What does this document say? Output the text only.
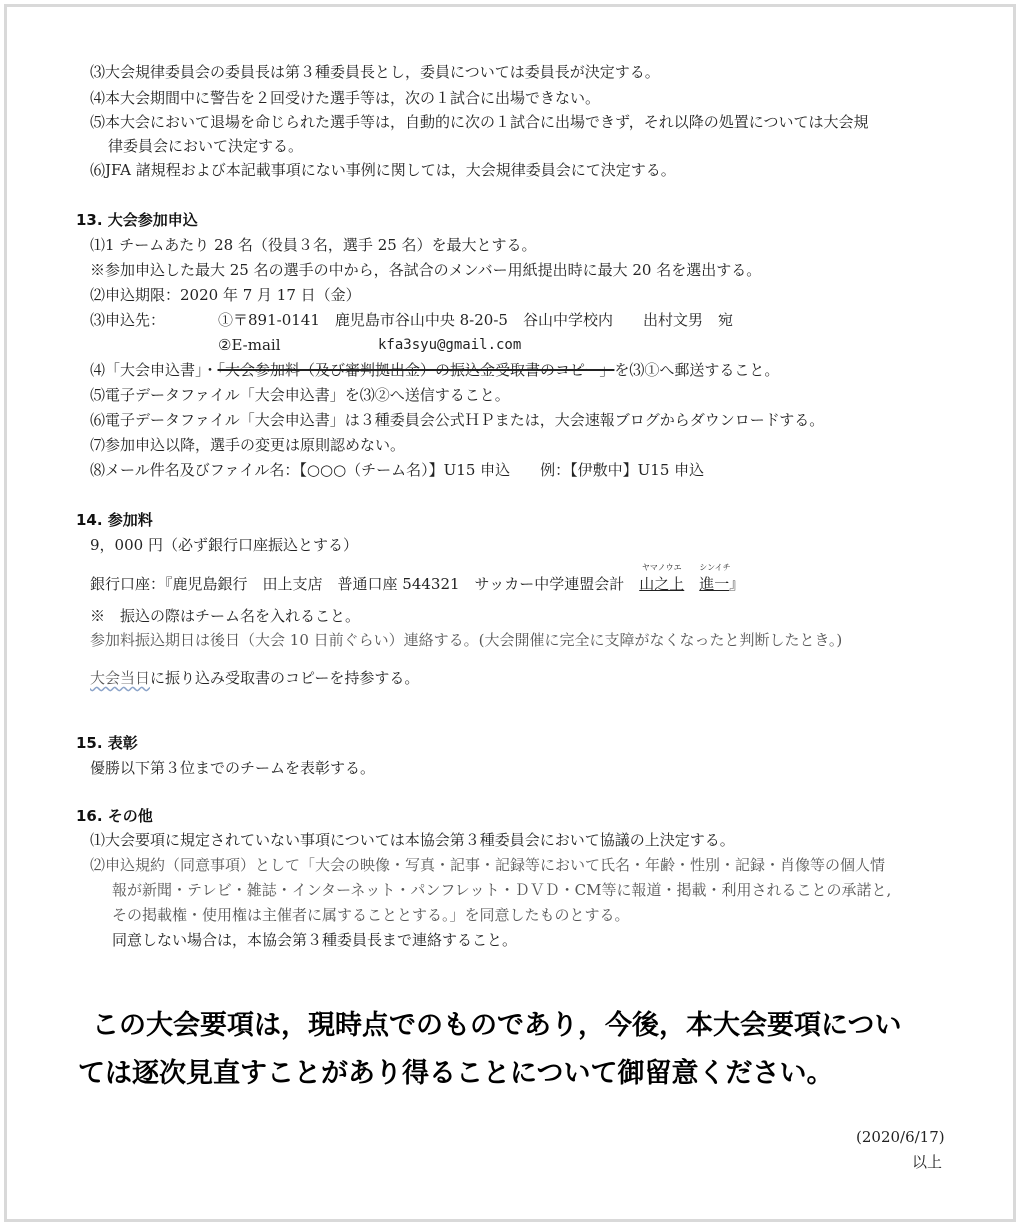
⑶大会規律委員会の委員長は第３種委員長とし，委員については委員長が決定する。
⑷本大会期間中に警告を２回受けた選手等は，次の１試合に出場できない。
⑸本大会において退場を命じられた選手等は，自動的に次の１試合に出場できず，それ以降の処置については大会規
律委員会において決定する。
⑹JFA 諸規程および本記載事項にない事例に関しては，大会規律委員会にて決定する。
13. 大会参加申込
⑴1 チームあたり 28 名（役員３名，選手 25 名）を最大とする。
※参加申込した最大 25 名の選手の中から，各試合のメンバー用紙提出時に最大 20 名を選出する。
⑵申込期限：2020 年 7 月 17 日（金）
⑶申込先：	①〒891-0141　鹿児島市谷山中央 8-20-5　谷山中学校内　　出村文男　宛
②E-mail	kfa3syu@gmail.com
⑷「大会申込書」・「大会参加料（及び審判拠出金）の振込金受取書のコピー」を⑶①へ郵送すること。
⑸電子データファイル「大会申込書」を⑶②へ送信すること。
⑹電子データファイル「大会申込書」は３種委員会公式ＨＰまたは，大会速報ブログからダウンロードする。
⑺参加申込以降，選手の変更は原則認めない。
⑻メール件名及びファイル名：【○○○（チーム名）】U15 申込　　例：【伊敷中】U15 申込
14. 参加料
9，000 円（必ず銀行口座振込とする）
銀行口座：『鹿児島銀行　田上支店　普通口座 544321　サッカー中学連盟会計　
ヤマノウエ
山之上　
シンイチ
進一』
※　振込の際はチーム名を入れること。
参加料振込期日は後日（大会 10 日前ぐらい）連絡する。(大会開催に完全に支障がなくなったと判断したとき。)
大会当日に振り込み受取書のコピーを持参する。
15. 表彰
優勝以下第３位までのチームを表彰する。
16. その他
⑴大会要項に規定されていない事項については本協会第３種委員会において協議の上決定する。
⑵申込規約（同意事項）として「大会の映像・写真・記事・記録等において氏名・年齢・性別・記録・肖像等の個人情
報が新聞・テレビ・雑誌・インターネット・パンフレット・ＤＶＤ・CM等に報道・掲載・利用されることの承諾と,
その掲載権・使用権は主催者に属することとする。」を同意したものとする。
同意しない場合は，本協会第３種委員長まで連絡すること。
この大会要項は，現時点でのものであり，今後，本大会要項につい
ては逐次見直すことがあり得ることについて御留意ください。
(2020/6/17)
以上
